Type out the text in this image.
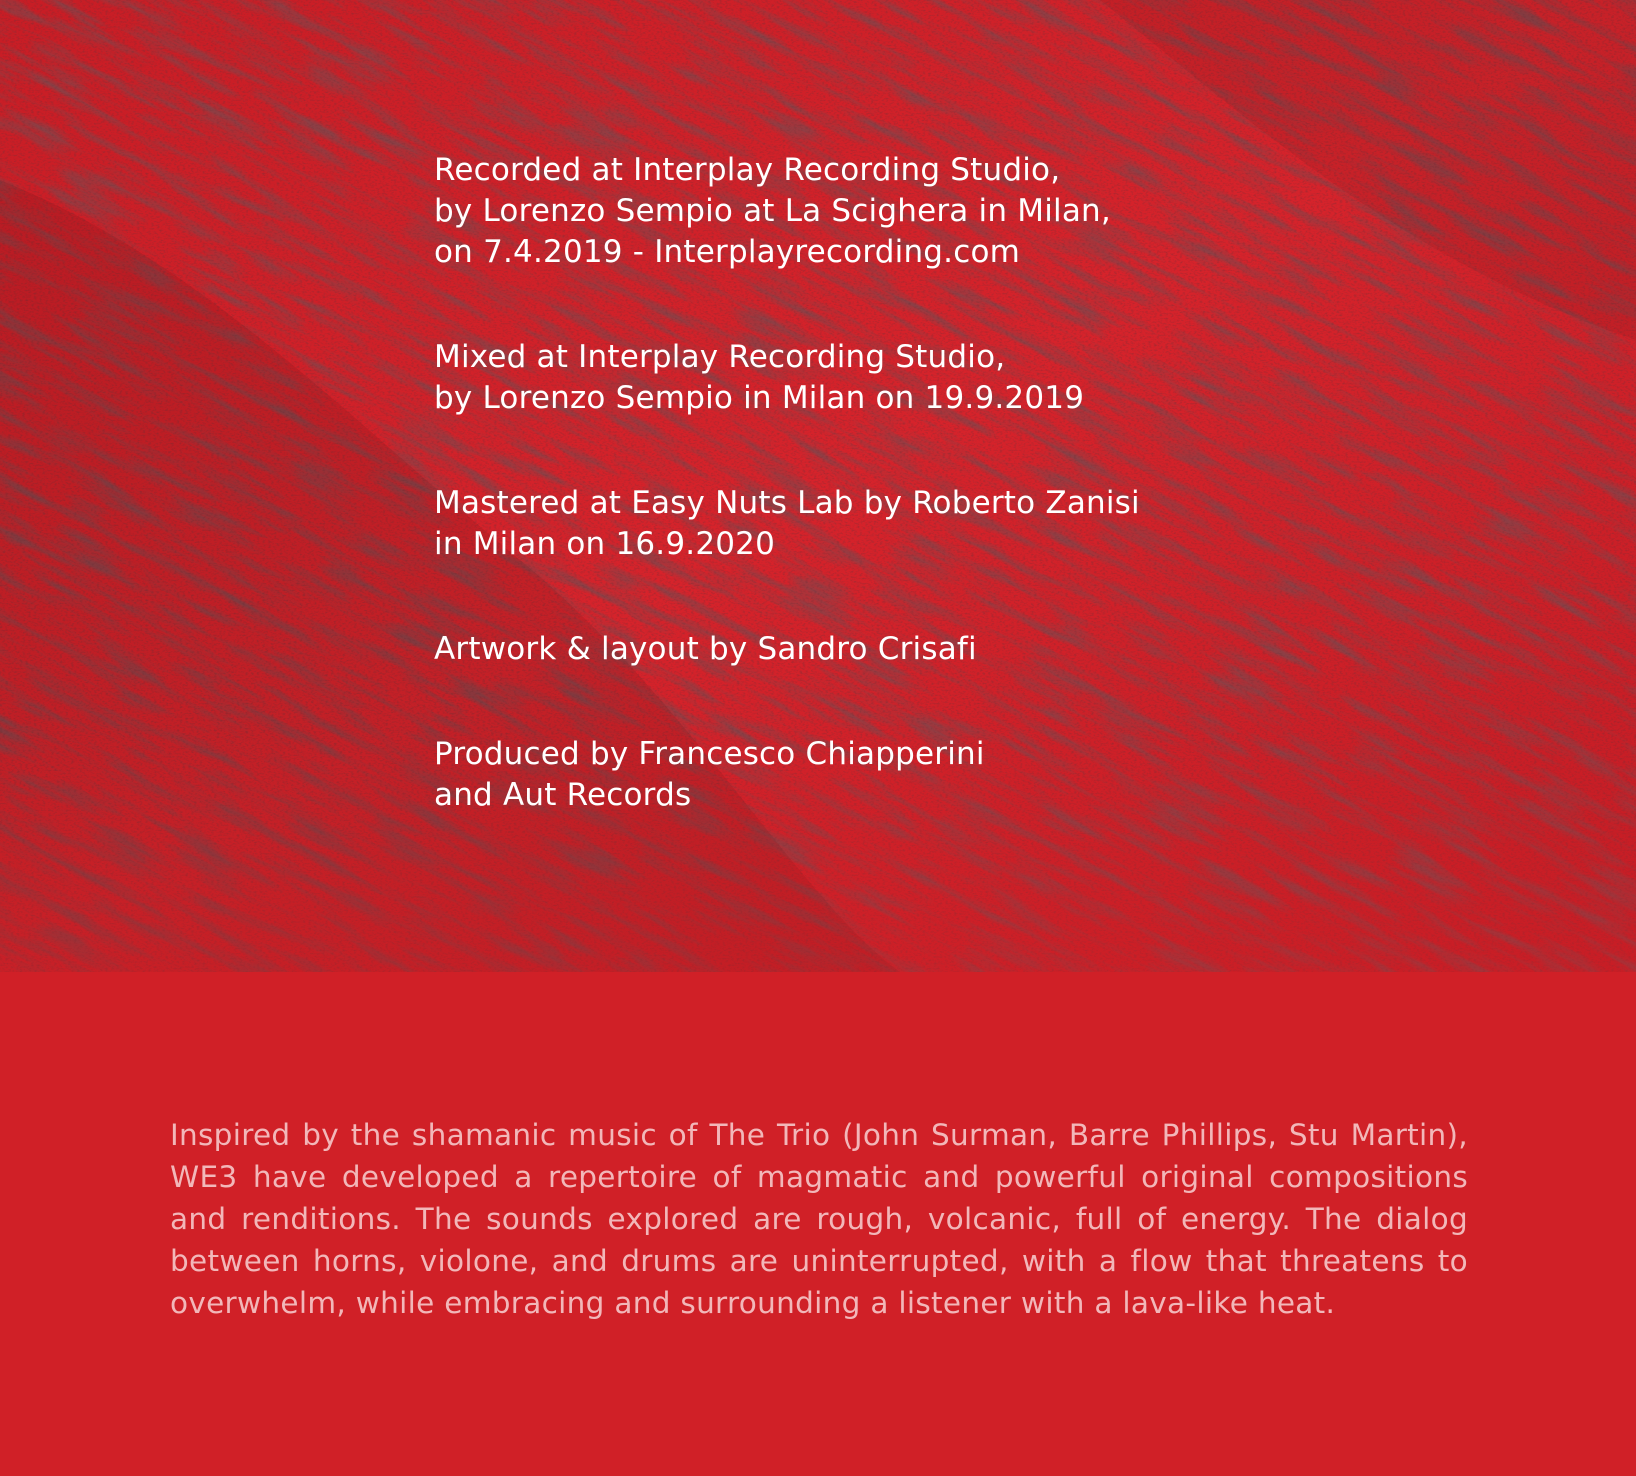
Recorded at Interplay Recording Studio,
by Lorenzo Sempio at La Scighera in Milan,
on 7.4.2019 - Interplayrecording.com
Mixed at Interplay Recording Studio,
by Lorenzo Sempio in Milan on 19.9.2019
Mastered at Easy Nuts Lab by Roberto Zanisi
in Milan on 16.9.2020
Artwork & layout by Sandro Crisafi
Produced by Francesco Chiapperini
and Aut Records

Inspired by the shamanic music of The Trio (John Surman, Barre Phillips, Stu Martin), WE3 have developed a repertoire of magmatic and powerful original compositions and renditions. The sounds explored are rough, volcanic, full of energy. The dialog between horns, violone, and drums are uninterrupted, with a flow that threatens to overwhelm, while embracing and surrounding a listener with a lava-like heat.
